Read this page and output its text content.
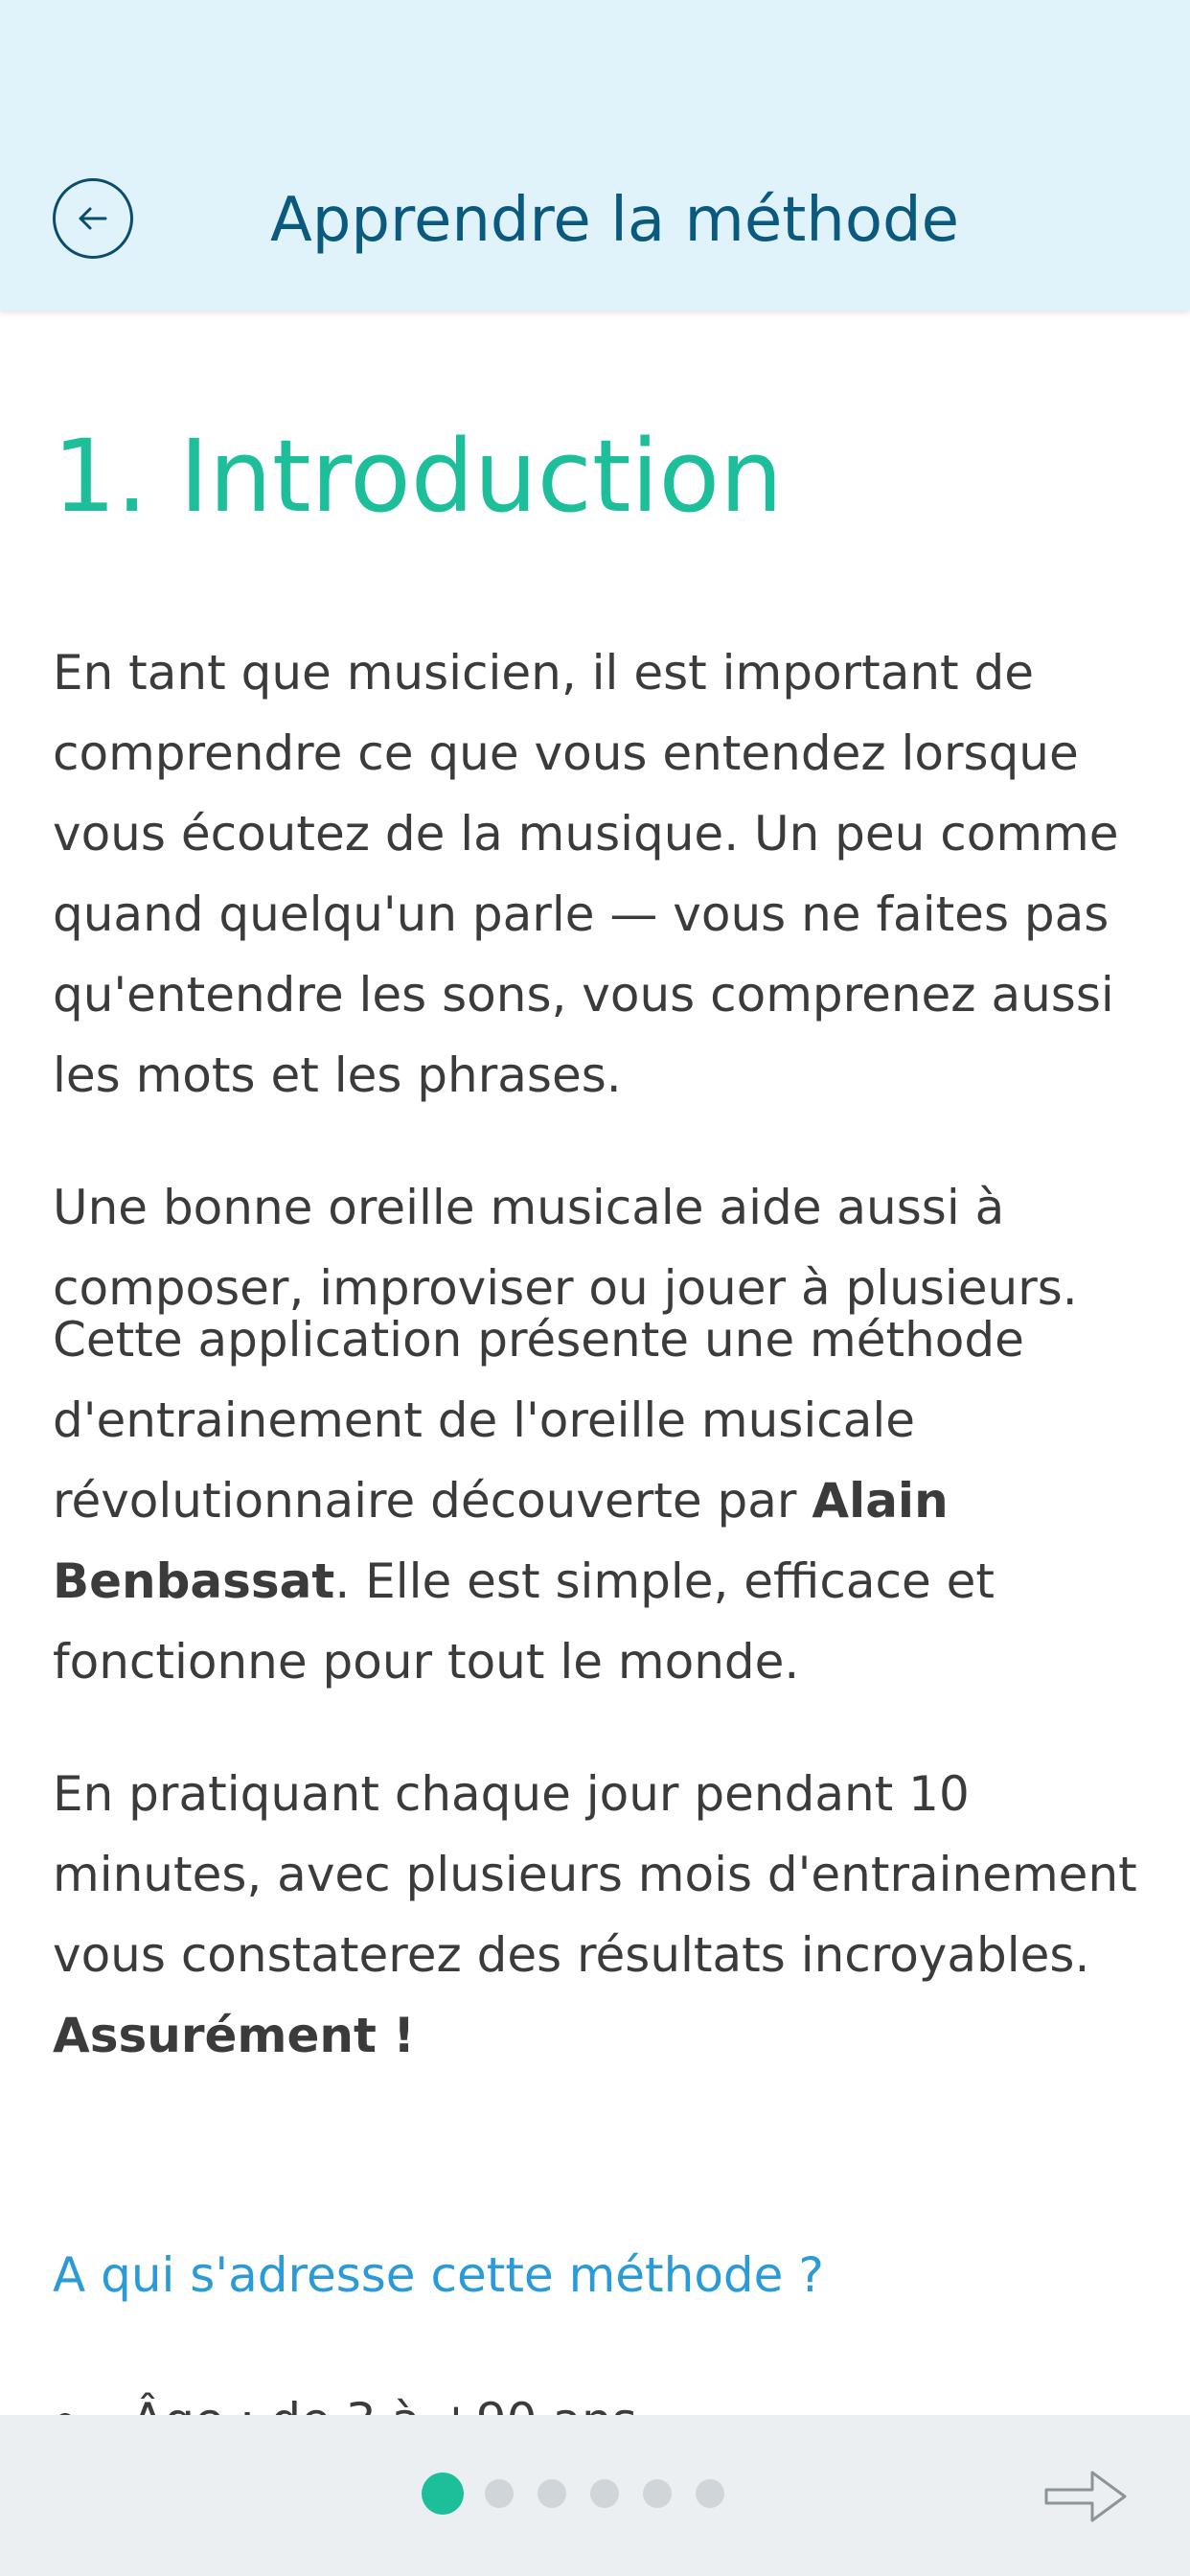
Apprendre la méthode
1. Introduction

En tant que musicien, il est important de comprendre ce que vous entendez lorsque vous écoutez de la musique. Un peu comme quand quelqu'un parle — vous ne faites pas qu'entendre les sons, vous comprenez aussi les mots et les phrases.

Une bonne oreille musicale aide aussi à composer, improviser ou jouer à plusieurs.

Cette application présente une méthode d'entrainement de l'oreille musicale révolutionnaire découverte par Alain Benbassat. Elle est simple, efficace et fonctionne pour tout le monde.

En pratiquant chaque jour pendant 10 minutes, avec plusieurs mois d'entrainement vous constaterez des résultats incroyables. Assurément !

A qui s'adresse cette méthode ?
